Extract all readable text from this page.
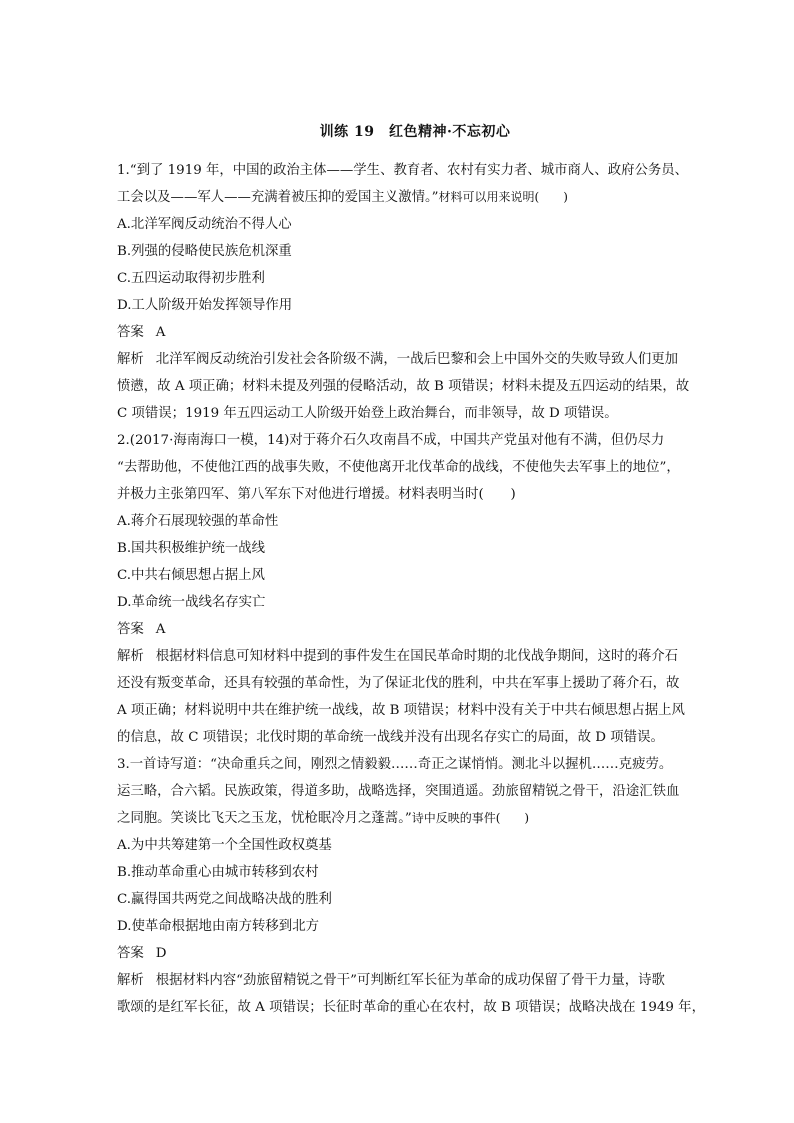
训练 19　红色精神·不忘初心
1.“到了 1919 年，中国的政治主体——学生、教育者、农村有实力者、城市商人、政府公务员、
工会以及——军人——充满着被压抑的爱国主义激情。”材料可以用来说明(　　)
A.北洋军阀反动统治不得人心
B.列强的侵略使民族危机深重
C.五四运动取得初步胜利
D.工人阶级开始发挥领导作用
答案 A
解析 北洋军阀反动统治引发社会各阶级不满，一战后巴黎和会上中国外交的失败导致人们更加
愤懑，故 A 项正确；材料未提及列强的侵略活动，故 B 项错误；材料未提及五四运动的结果，故
C 项错误；1919 年五四运动工人阶级开始登上政治舞台，而非领导，故 D 项错误。
2.(2017·海南海口一模，14)对于蒋介石久攻南昌不成，中国共产党虽对他有不满，但仍尽力
“去帮助他，不使他江西的战事失败，不使他离开北伐革命的战线，不使他失去军事上的地位”，
并极力主张第四军、第八军东下对他进行增援。材料表明当时(　　)
A.蒋介石展现较强的革命性
B.国共积极维护统一战线
C.中共右倾思想占据上风
D.革命统一战线名存实亡
答案 A
解析 根据材料信息可知材料中提到的事件发生在国民革命时期的北伐战争期间，这时的蒋介石
还没有叛变革命，还具有较强的革命性，为了保证北伐的胜利，中共在军事上援助了蒋介石，故
A 项正确；材料说明中共在维护统一战线，故 B 项错误；材料中没有关于中共右倾思想占据上风
的信息，故 C 项错误；北伐时期的革命统一战线并没有出现名存实亡的局面，故 D 项错误。
3.一首诗写道：“决命重兵之间，刚烈之情毅毅……奇正之谋悄悄。测北斗以握机……克疲劳。
运三略，合六韬。民族政策，得道多助，战略选择，突围逍遥。劲旅留精锐之骨干，沿途汇铁血
之同胞。笑谈比飞天之玉龙，忧枪眠冷月之蓬蒿。”诗中反映的事件(　　)
A.为中共筹建第一个全国性政权奠基
B.推动革命重心由城市转移到农村
C.赢得国共两党之间战略决战的胜利
D.使革命根据地由南方转移到北方
答案 D
解析 根据材料内容“劲旅留精锐之骨干”可判断红军长征为革命的成功保留了骨干力量，诗歌
歌颂的是红军长征，故 A 项错误；长征时革命的重心在农村，故 B 项错误；战略决战在 1949 年，
